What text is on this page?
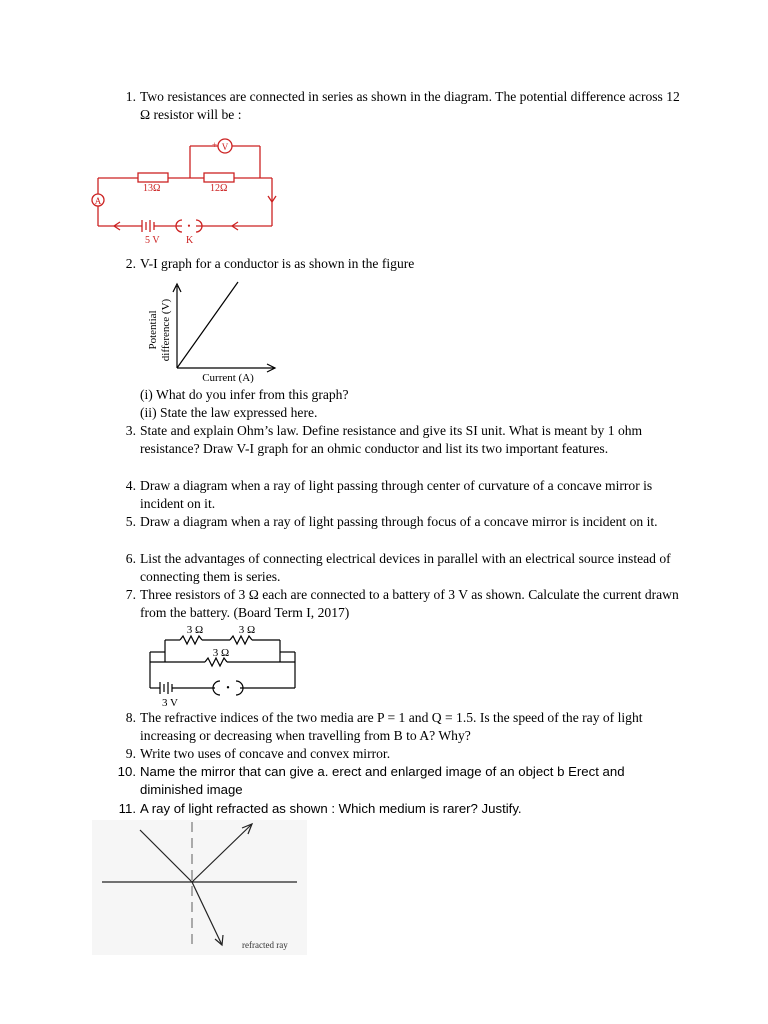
1. Two resistances are connected in series as shown in the diagram. The potential difference across 12 Ω resistor will be :
A
V
+
13Ω	12Ω
•
5 V	K
2. V-I graph for a conductor is as shown in the figure
Potential difference (V)
Current (A)
(i) What do you infer from this graph?
(ii) State the law expressed here.
3. State and explain Ohm’s law. Define resistance and give its SI unit. What is meant by 1 ohm resistance? Draw V-I graph for an ohmic conductor and list its two important features.
4. Draw a diagram when a ray of light passing through center of curvature of a concave mirror is incident on it.
5. Draw a diagram when a ray of light passing through focus of a concave mirror is incident on it.
6. List the advantages of connecting electrical devices in parallel with an electrical source instead of connecting them is series.
7. Three resistors of 3 Ω each are connected to a battery of 3 V as shown. Calculate the current drawn from the battery. (Board Term I, 2017)
3 Ω	3 Ω
3 Ω
•
3 V
8. The refractive indices of the two media are P = 1 and Q = 1.5. Is the speed of the ray of light increasing or decreasing when travelling from B to A? Why?
9. Write two uses of concave and convex mirror.
10. Name the mirror that can give a. erect and enlarged image of an object b Erect and diminished image
11. A ray of light refracted as shown : Which medium is rarer? Justify.
refracted ray
